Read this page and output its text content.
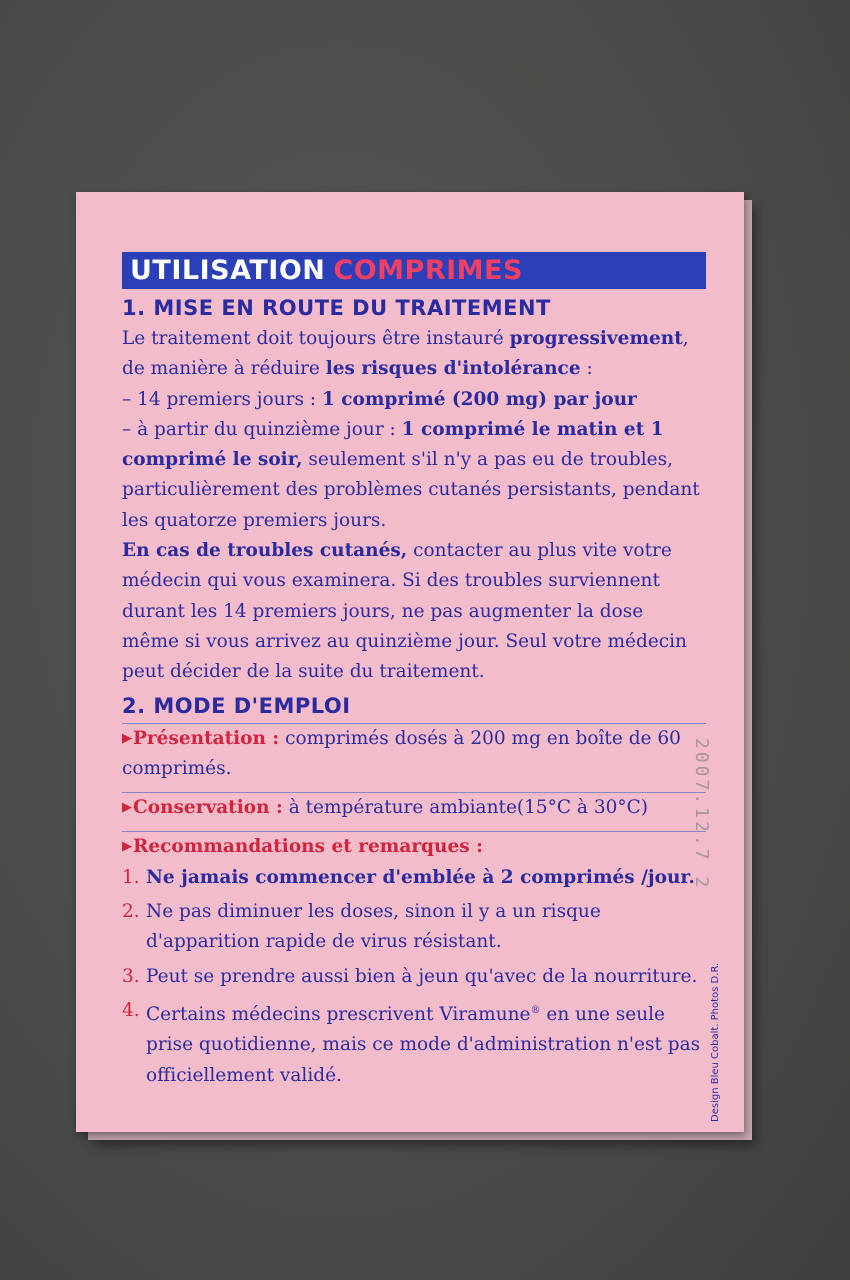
UTILISATION COMPRIMES
1. MISE EN ROUTE DU TRAITEMENT

Le traitement doit toujours être instauré progressivement, de manière à réduire les risques d'intolérance :

– 14 premiers jours : 1 comprimé (200 mg) par jour

– à partir du quinzième jour : 1 comprimé le matin et 1 comprimé le soir, seulement s'il n'y a pas eu de troubles, particulièrement des problèmes cutanés persistants, pendant les quatorze premiers jours.

En cas de troubles cutanés, contacter au plus vite votre médecin qui vous examinera. Si des troubles surviennent durant les 14 premiers jours, ne pas augmenter la dose même si vous arrivez au quinzième jour. Seul votre médecin peut décider de la suite du traitement.

2. MODE D'EMPLOI

▶Présentation : comprimés dosés à 200 mg en boîte de 60 comprimés.

▶Conservation : à température ambiante(15°C à 30°C)

▶Recommandations et remarques :

1. Ne jamais commencer d'emblée à 2 comprimés /jour.
2. Ne pas diminuer les doses, sinon il y a un risque d'apparition rapide de virus résistant.
3. Peut se prendre aussi bien à jeun qu'avec de la nourriture.
4. Certains médecins prescrivent Viramune® en une seule prise quotidienne, mais ce mode d'administration n'est pas officiellement validé.	Design Bleu Cobalt. Photos D.R.
2007.12.7 2
